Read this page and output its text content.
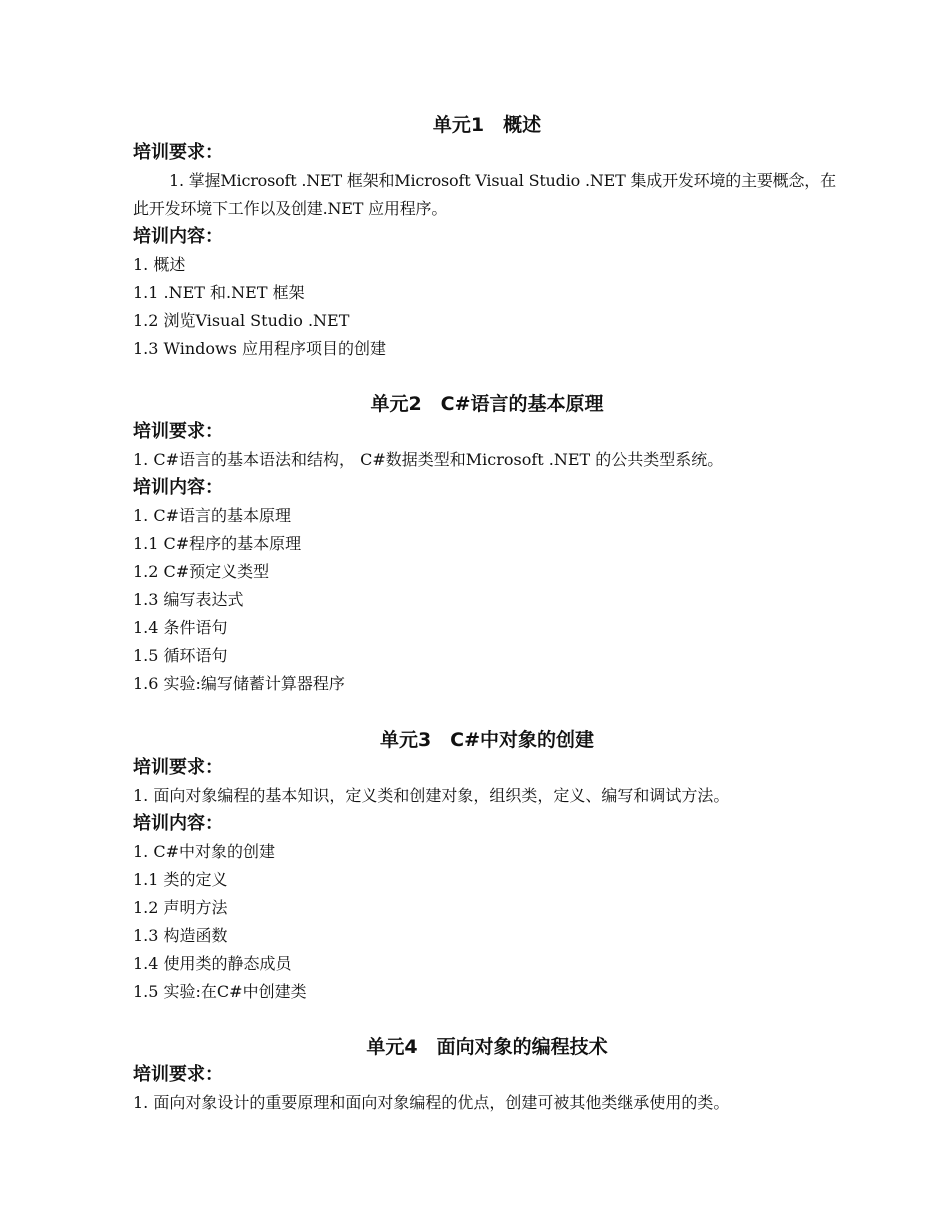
单元1　概述
培训要求：
1. 掌握Microsoft .NET 框架和Microsoft Visual Studio .NET 集成开发环境的主要概念，在此开发环境下工作以及创建.NET 应用程序。
培训内容：
1. 概述
1.1 .NET 和.NET 框架
1.2 浏览Visual Studio .NET
1.3 Windows 应用程序项目的创建
单元2　C#语言的基本原理
培训要求：
1. C#语言的基本语法和结构， C#数据类型和Microsoft .NET 的公共类型系统。
培训内容：
1. C#语言的基本原理
1.1 C#程序的基本原理
1.2 C#预定义类型
1.3 编写表达式
1.4 条件语句
1.5 循环语句
1.6 实验:编写储蓄计算器程序
单元3　C#中对象的创建
培训要求：
1. 面向对象编程的基本知识，定义类和创建对象，组织类，定义、编写和调试方法。
培训内容：
1. C#中对象的创建
1.1 类的定义
1.2 声明方法
1.3 构造函数
1.4 使用类的静态成员
1.5 实验:在C#中创建类
单元4　面向对象的编程技术
培训要求：
1. 面向对象设计的重要原理和面向对象编程的优点，创建可被其他类继承使用的类。
